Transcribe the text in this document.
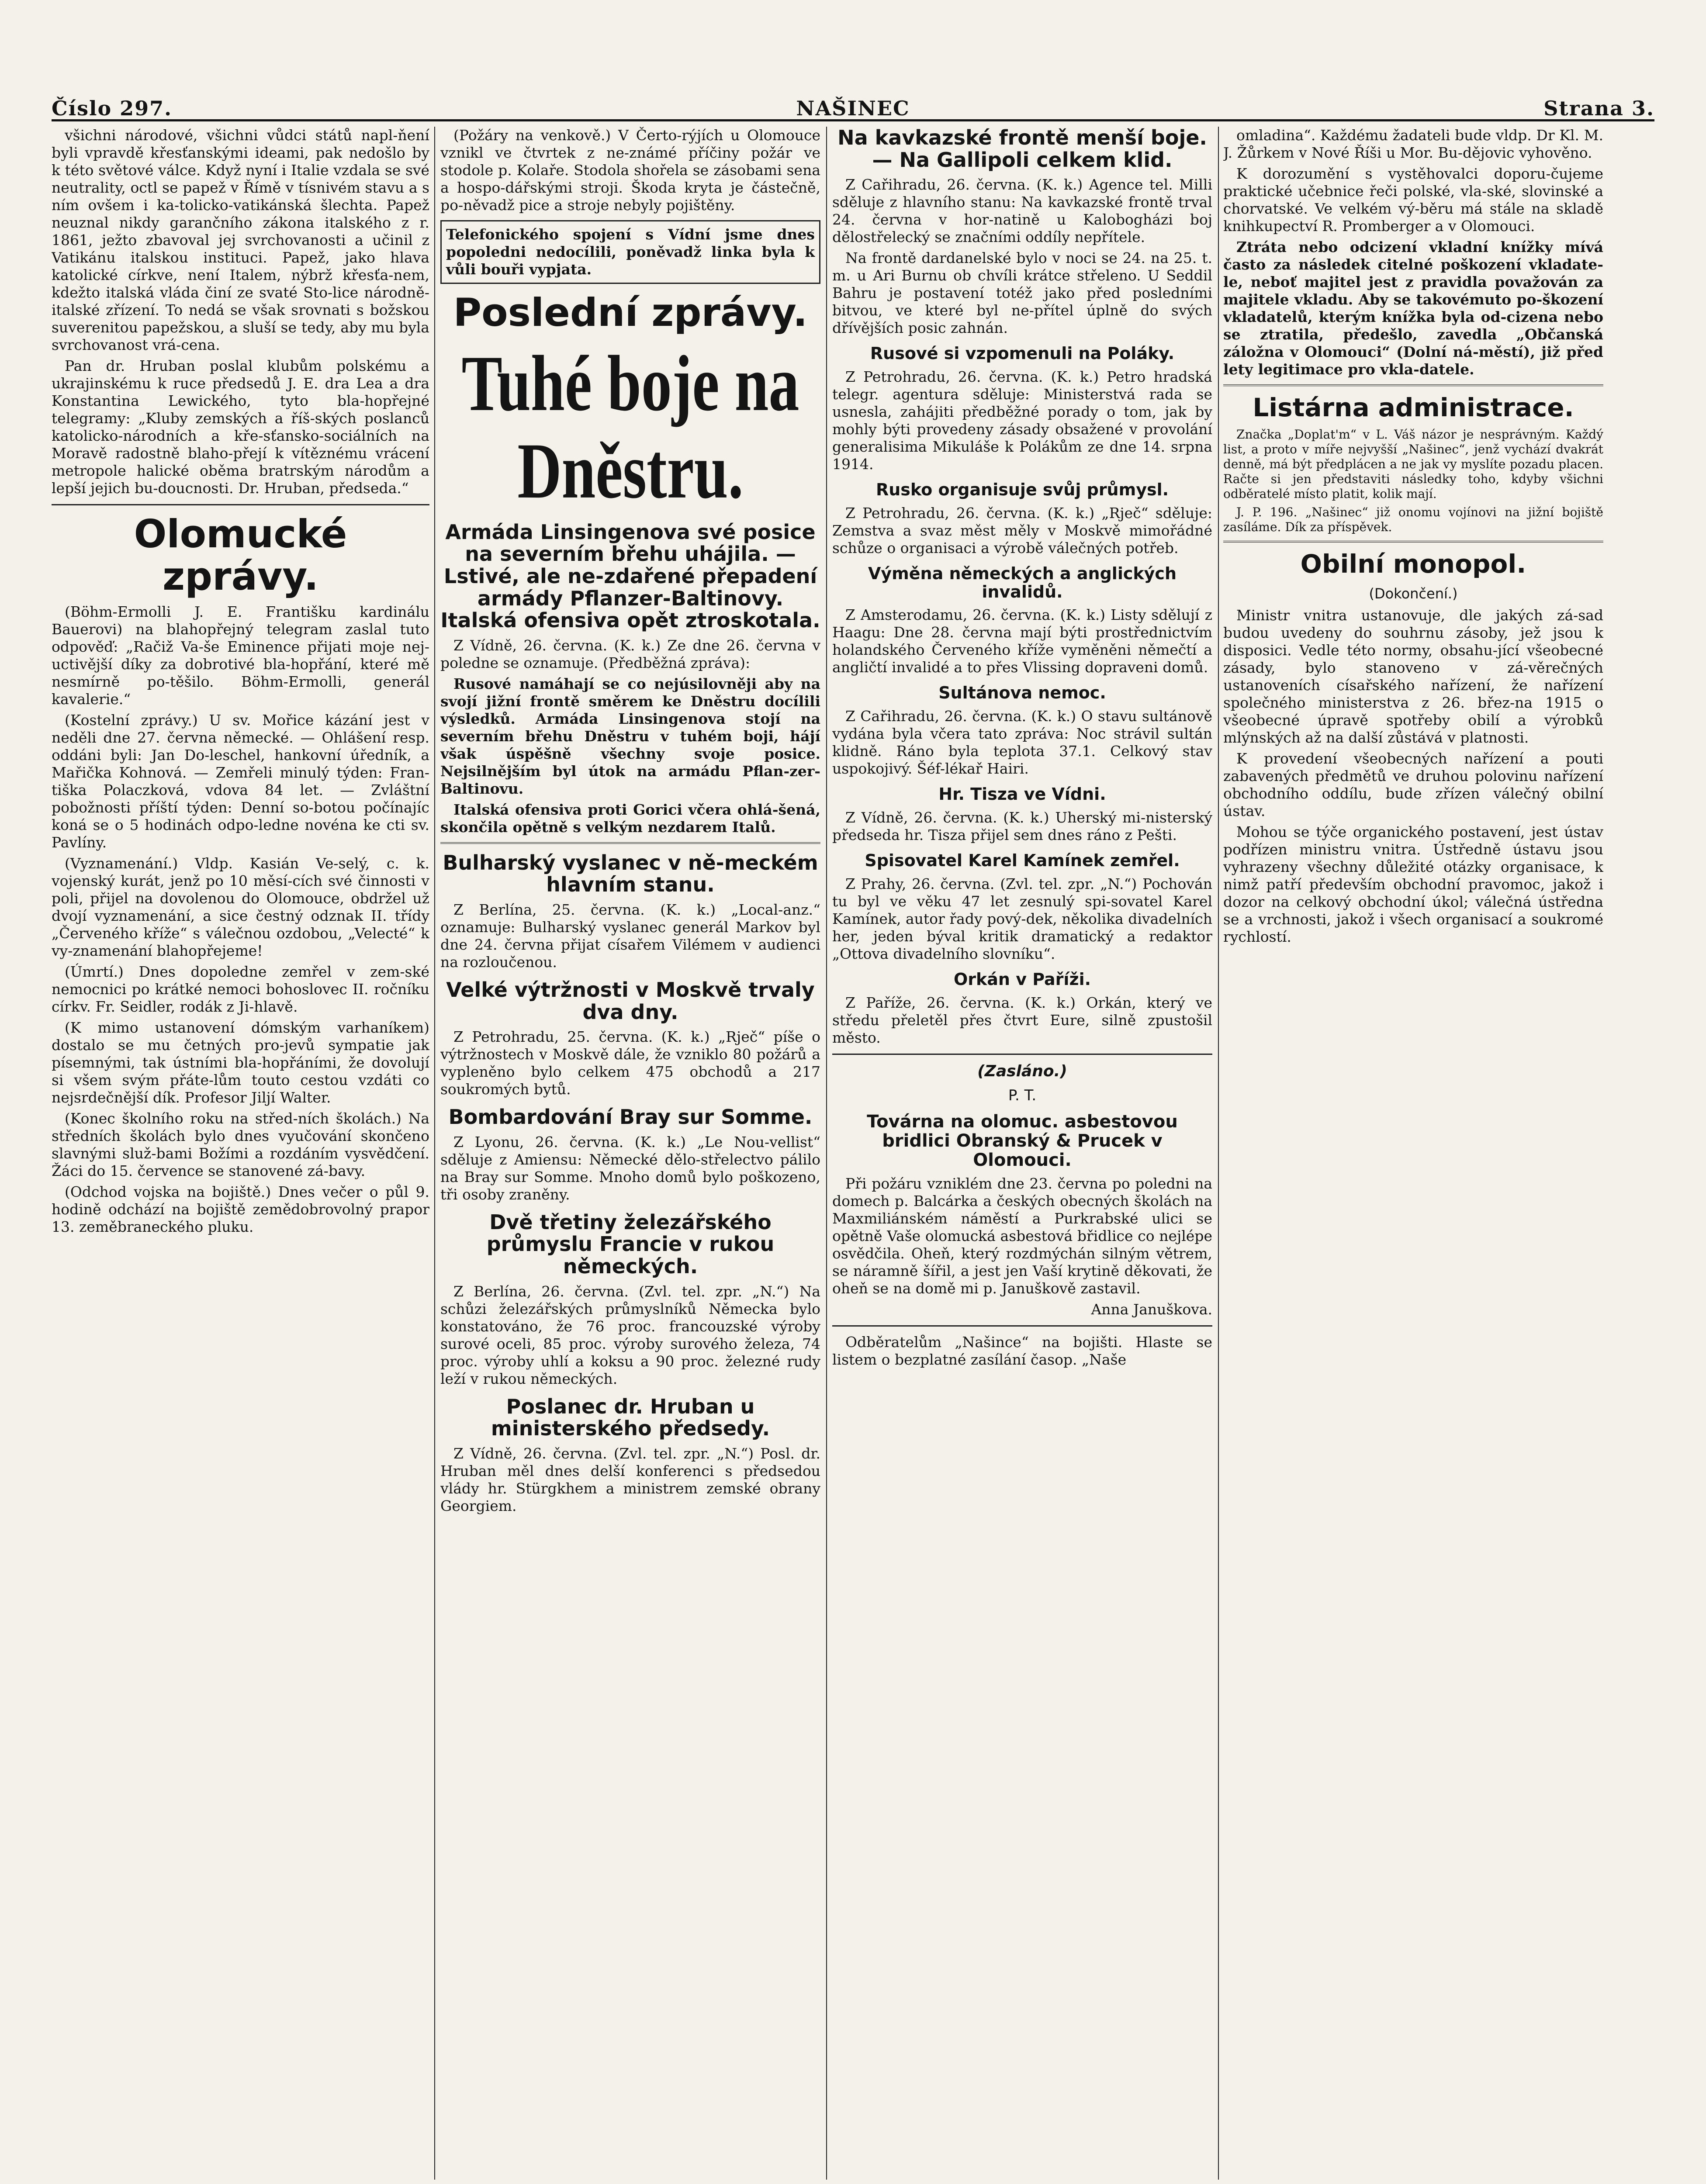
Číslo 297.	NAŠINEC	Strana 3.

všichni národové, všichni vůdci států napl-ňení byli vpravdě křesťanskými ideami, pak nedošlo by k této světové válce. Když nyní i Italie vzdala se své neutrality, octl se papež v Římě v tísnivém stavu a s ním ovšem i ka-tolicko-vatikánská šlechta. Papež neuznal nikdy garančního zákona italského z r. 1861, ježto zbavoval jej svrchovanosti a učinil z Vatikánu italskou instituci. Papež, jako hlava katolické církve, není Italem, nýbrž křesťa-nem, kdežto italská vláda činí ze svaté Sto-lice národně-italské zřízení. To nedá se však srovnati s božskou suverenitou papežskou, a sluší se tedy, aby mu byla svrchovanost vrá-cena.

Pan dr. Hruban poslal klubům polskému a ukrajinskému k ruce předsedů J. E. dra Lea a dra Konstantina Lewického, tyto bla-hopřejné telegramy: „Kluby zemských a říš-ských poslanců katolicko-národních a kře-sťansko-sociálních na Moravě radostně blaho-přejí k vítěznému vrácení metropole halické oběma bratrským národům a lepší jejich bu-doucnosti. Dr. Hruban, předseda.“

Olomucké zprávy.

(Böhm-Ermolli J. E. Františku kardinálu Bauerovi) na blahopřejný telegram zaslal tuto odpověď: „Račiž Va-še Eminence přijati moje nej-uctivější díky za dobrotivé bla-hopřání, které mě nesmírně po-těšilo. Böhm-Ermolli, generál kavalerie.“

(Kostelní zprávy.) U sv. Mořice kázání jest v neděli dne 27. června německé. — Ohlášení resp. oddáni byli: Jan Do-leschel, hankovní úředník, a Mařička Kohnová. — Zemřeli minulý týden: Fran-tiška Polaczková, vdova 84 let. — Zvláštní pobožnosti příští týden: Denní so-botou počínajíc koná se o 5 hodinách odpo-ledne novéna ke cti sv. Pavlíny.

(Vyznamenání.) Vldp. Kasián Ve-selý, c. k. vojenský kurát, jenž po 10 měsí-cích své činnosti v poli, přijel na dovolenou do Olomouce, obdržel už dvojí vyznamenání, a sice čestný odznak II. třídy „Červeného kříže“ s válečnou ozdobou, „Velecté“ k vy-znamenání blahopřejeme!

(Úmrtí.) Dnes dopoledne zemřel v zem-ské nemocnici po krátké nemoci bohoslovec II. ročníku církv. Fr. Seidler, rodák z Ji-hlavě.

(K mimo ustanovení dómským varhaníkem) dostalo se mu četných pro-jevů sympatie jak písemnými, tak ústními bla-hopřáními, že dovolují si všem svým přáte-lům touto cestou vzdáti co nejsrdečnější dík. Profesor Jiljí Walter.

(Konec školního roku na střed-ních školách.) Na středních školách bylo dnes vyučování skončeno slavnými služ-bami Božími a rozdáním vysvědčení. Žáci do 15. července se stanovené zá-bavy.

(Odchod vojska na bojiště.) Dnes večer o půl 9. hodině odchází na bojiště zemědobrovolný prapor 13. zeměbraneckého pluku.

(Požáry na venkově.) V Čerto-rýjích u Olomouce vznikl ve čtvrtek z ne-známé příčiny požár ve stodole p. Kolaře. Stodola shořela se zásobami sena a hospo-dářskými stroji. Škoda kryta je částečně, po-něvadž pice a stroje nebyly pojištěny.

Telefonického spojení s Vídní jsme dnes popoledni nedocílili, poněvadž linka byla k vůli bouři vypjata.
Poslední zprávy.
Tuhé boje na Dněstru.
Armáda Linsingenova své posice na severním břehu uhájila. — Lstivé, ale ne-zdařené přepadení armády Pflanzer-Baltinovy. Italská ofensiva opět ztroskotala.

Z Vídně, 26. června. (K. k.) Ze dne 26. června v poledne se oznamuje. (Předběžná zpráva):

Rusové namáhají se co nejúsilovněji aby na svojí jižní frontě směrem ke Dněstru docílili výsledků. Armáda Linsingenova stojí na severním břehu Dněstru v tuhém boji, hájí však úspěšně všechny svoje posice. Nejsilnějším byl útok na armádu Pflan-zer-Baltinovu.

Italská ofensiva proti Gorici včera ohlá-šená, skončila opětně s velkým nezdarem Italů.

Bulharský vyslanec v ně-meckém hlavním stanu.

Z Berlína, 25. června. (K. k.) „Local-anz.“ oznamuje: Bulharský vyslanec generál Markov byl dne 24. června přijat císařem Vilémem v audienci na rozloučenou.

Velké výtržnosti v Moskvě trvaly dva dny.

Z Petrohradu, 25. června. (K. k.) „Rječ“ píše o výtržnostech v Moskvě dále, že vzniklo 80 požárů a vypleněno bylo celkem 475 obchodů a 217 soukromých bytů.

Bombardování Bray sur Somme.

Z Lyonu, 26. června. (K. k.) „Le Nou-vellist“ sděluje z Amiensu: Německé dělo-střelectvo pálilo na Bray sur Somme. Mnoho domů bylo poškozeno, tři osoby zraněny.

Dvě třetiny železářského průmyslu Francie v rukou německých.

Z Berlína, 26. června. (Zvl. tel. zpr. „N.“) Na schůzi železářských průmyslníků Německa bylo konstatováno, že 76 proc. francouzské výroby surové oceli, 85 proc. výroby surového železa, 74 proc. výroby uhlí a koksu a 90 proc. železné rudy leží v rukou německých.

Poslanec dr. Hruban u ministerského předsedy.

Z Vídně, 26. června. (Zvl. tel. zpr. „N.“) Posl. dr. Hruban měl dnes delší konferenci s předsedou vlády hr. Stürgkhem a ministrem zemské obrany Georgiem.

Na kavkazské frontě menší boje. — Na Gallipoli celkem klid.

Z Cařihradu, 26. června. (K. k.) Agence tel. Milli sděluje z hlavního stanu: Na kavkazské frontě trval 24. června v hor-natině u Kalobogházi boj dělostřelecký se značními oddíly nepřítele.

Na frontě dardanelské bylo v noci se 24. na 25. t. m. u Ari Burnu ob chvíli krátce střeleno. U Seddil Bahru je postavení totéž jako před posledními bitvou, ve které byl ne-přítel úplně do svých dřívějších posic zahnán.

Rusové si vzpomenuli na Poláky.

Z Petrohradu, 26. června. (K. k.) Petro hradská telegr. agentura sděluje: Ministerstvá rada se usnesla, zahájiti předběžné porady o tom, jak by mohly býti provedeny zásady obsažené v provolání generalisima Mikuláše k Polákům ze dne 14. srpna 1914.

Rusko organisuje svůj průmysl.

Z Petrohradu, 26. června. (K. k.) „Rječ“ sděluje: Zemstva a svaz měst měly v Moskvě mimořádné schůze o organisaci a výrobě válečných potřeb.

Výměna německých a anglických invalidů.

Z Amsterodamu, 26. června. (K. k.) Listy sdělují z Haagu: Dne 28. června mají býti prostřednictvím holandského Červeného kříže vyměněni němečtí a angličtí invalidé a to přes Vlissing dopraveni domů.

Sultánova nemoc.

Z Cařihradu, 26. června. (K. k.) O stavu sultánově vydána byla včera tato zpráva: Noc strávil sultán klidně. Ráno byla teplota 37.1. Celkový stav uspokojivý. Šéf-lékař Hairi.

Hr. Tisza ve Vídni.

Z Vídně, 26. června. (K. k.) Uherský mi-nisterský předseda hr. Tisza přijel sem dnes ráno z Pešti.

Spisovatel Karel Kamínek zemřel.

Z Prahy, 26. června. (Zvl. tel. zpr. „N.“) Pochován tu byl ve věku 47 let zesnulý spi-sovatel Karel Kamínek, autor řady pový-dek, několika divadelních her, jeden býval kritik dramatický a redaktor „Ottova divadelního slovníku“.

Orkán v Paříži.

Z Paříže, 26. června. (K. k.) Orkán, který ve středu přeletěl přes čtvrt Eure, silně zpustošil město.

(Zasláno.)
P. T.
Továrna na olomuc. asbestovou bridlici Obranský & Prucek v Olomouci.

Při požáru vzniklém dne 23. června po poledni na domech p. Balcárka a českých obecných školách na Maxmiliánském náměstí a Purkrabské ulici se opětně Vaše olomucká asbestová břidlice co nejlépe osvědčila. Oheň, který rozdmýchán silným větrem, se náramně šířil, a jest jen Vaší krytině děkovati, že oheň se na domě mi p. Januškově zastavil.

Anna Januškova.

Odběratelům „Našince“ na bojišti. Hlaste se listem o bezplatné zasílání časop. „Naše

omladina“. Každému žadateli bude vldp. Dr Kl. M. J. Žůrkem v Nové Říši u Mor. Bu-dějovic vyhověno.

K dorozumění s vystěhovalci doporu-čujeme praktické učebnice řeči polské, vla-ské, slovinské a chorvatské. Ve velkém vý-běru má stále na skladě knihkupectví R. Promberger a v Olomouci.

Ztráta nebo odcizení vkladní knížky mívá často za následek citelné poškození vkladate-le, neboť majitel jest z pravidla považován za majitele vkladu. Aby se takovémuto po-škození vkladatelů, kterým knížka byla od-cizena nebo se ztratila, předešlo, zavedla „Občanská záložna v Olomouci“ (Dolní ná-městí), již před lety legitimace pro vkla-datele.

Listárna administrace.

Značka „Doplat'm“ v L. Váš názor je nesprávným. Každý list, a proto v míře nejvyšší „Našinec“, jenž vychází dvakrát denně, má být předplácen a ne jak vy myslíte pozadu placen. Račte si jen představiti následky toho, kdyby všichni odběratelé místo platit, kolik mají.

J. P. 196. „Našinec“ již onomu vojínovi na jižní bojiště zasíláme. Dík za příspěvek.

Obilní monopol.
(Dokončení.)

Ministr vnitra ustanovuje, dle jakých zá-sad budou uvedeny do souhrnu zásoby, jež jsou k disposici. Vedle této normy, obsahu-jící všeobecné zásady, bylo stanoveno v zá-věrečných ustanoveních císařského nařízení, že nařízení společného ministerstva z 26. břez-na 1915 o všeobecné úpravě spotřeby obilí a výrobků mlýnských až na další zůstává v platnosti.

K provedení všeobecných nařízení a pouti zabavených předmětů ve druhou polovinu nařízení obchodního oddílu, bude zřízen válečný obilní ústav.

Mohou se týče organického postavení, jest ústav podřízen ministru vnitra. Ústředně ústavu jsou vyhrazeny všechny důležité otázky organisace, k nimž patří především obchodní pravomoc, jakož i dozor na celkový obchodní úkol; válečná ústředna se a vrchnosti, jakož i všech organisací a soukromé rychlostí.
